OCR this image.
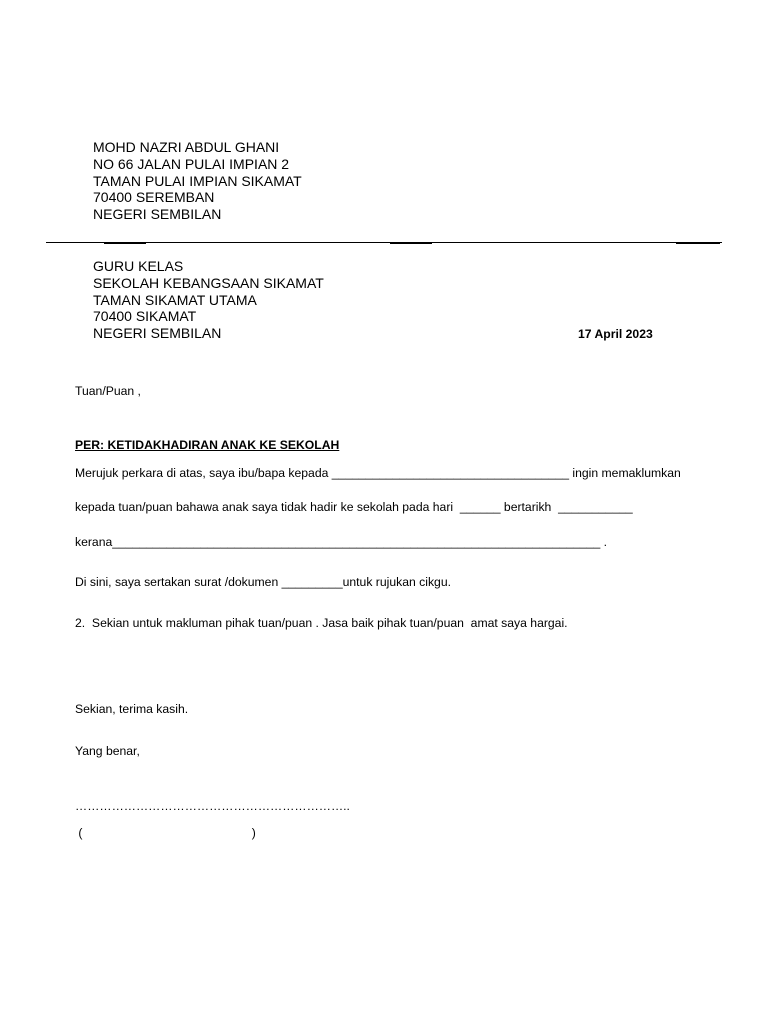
MOHD NAZRI ABDUL GHANI
NO 66 JALAN PULAI IMPIAN 2
TAMAN PULAI IMPIAN SIKAMAT
70400 SEREMBAN
NEGERI SEMBILAN
GURU KELAS
SEKOLAH KEBANGSAAN SIKAMAT
TAMAN SIKAMAT UTAMA
70400 SIKAMAT
NEGERI SEMBILAN	17 April 2023
Tuan/Puan ,
PER: KETIDAKHADIRAN ANAK KE SEKOLAH
Merujuk perkara di atas, saya ibu/bapa kepada ___________________________________ ingin memaklumkan
kepada tuan/puan bahawa anak saya tidak hadir ke sekolah pada hari  ______ bertarikh  ___________
kerana________________________________________________________________________ .
Di sini, saya sertakan surat /dokumen _________untuk rujukan cikgu.
2.  Sekian untuk makluman pihak tuan/puan . Jasa baik pihak tuan/puan  amat saya hargai.
Sekian, terima kasih.
Yang benar,
…………………………………………………………..
(                                                  )
